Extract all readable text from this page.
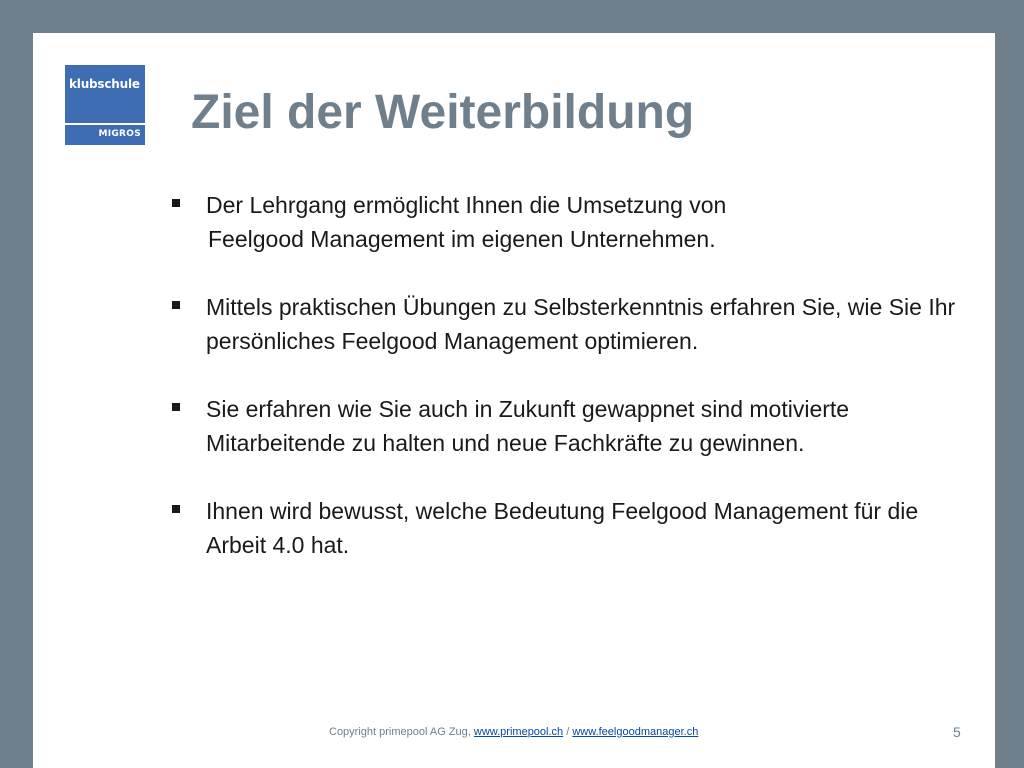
klubschule
MIGROS Ziel der Weiterbildung
Der Lehrgang ermöglicht Ihnen die Umsetzung von
Feelgood Management im eigenen Unternehmen.
Mittels praktischen Übungen zu Selbsterkenntnis erfahren Sie, wie Sie Ihr persönliches Feelgood Management optimieren.
Sie erfahren wie Sie auch in Zukunft gewappnet sind motivierte Mitarbeitende zu halten und neue Fachkräfte zu gewinnen.
Ihnen wird bewusst, welche Bedeutung Feelgood Management für die Arbeit 4.0 hat.
Copyright primepool AG Zug, www.primepool.ch / www.feelgoodmanager.ch	5
